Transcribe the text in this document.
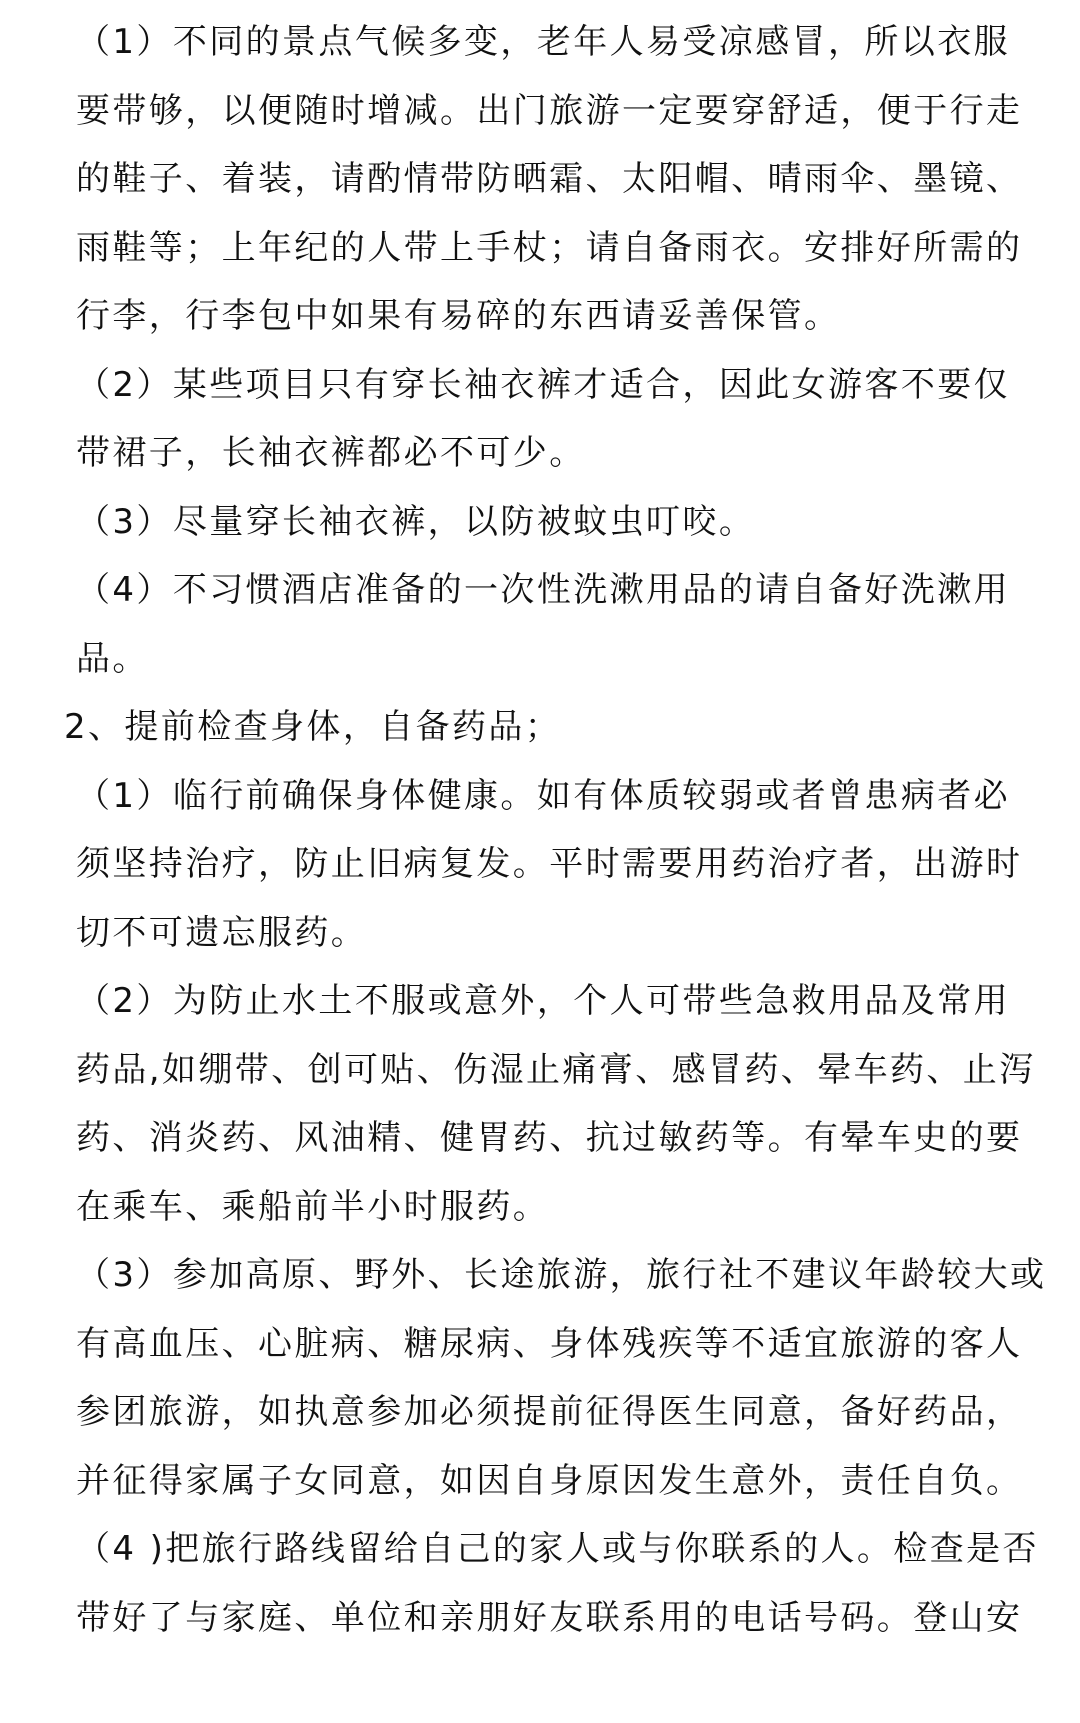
（1）不同的景点气候多变，老年人易受凉感冒，所以衣服
要带够，以便随时增减。出门旅游一定要穿舒适，便于行走
的鞋子、着装，请酌情带防晒霜、太阳帽、晴雨伞、墨镜、
雨鞋等；上年纪的人带上手杖；请自备雨衣。安排好所需的
行李，行李包中如果有易碎的东西请妥善保管。
（2）某些项目只有穿长袖衣裤才适合，因此女游客不要仅
带裙子，长袖衣裤都必不可少。
（3）尽量穿长袖衣裤，以防被蚊虫叮咬。
（4）不习惯酒店准备的一次性洗漱用品的请自备好洗漱用
品。
2、提前检查身体，自备药品；
（1）临行前确保身体健康。如有体质较弱或者曾患病者必
须坚持治疗，防止旧病复发。平时需要用药治疗者，出游时
切不可遗忘服药。
（2）为防止水土不服或意外，个人可带些急救用品及常用
药品,如绷带、创可贴、伤湿止痛膏、感冒药、晕车药、止泻
药、消炎药、风油精、健胃药、抗过敏药等。有晕车史的要
在乘车、乘船前半小时服药。
（3）参加高原、野外、长途旅游，旅行社不建议年龄较大或
有高血压、心脏病、糖尿病、身体残疾等不适宜旅游的客人
参团旅游，如执意参加必须提前征得医生同意，备好药品，
并征得家属子女同意，如因自身原因发生意外，责任自负。
（4 )把旅行路线留给自己的家人或与你联系的人。检查是否
带好了与家庭、单位和亲朋好友联系用的电话号码。登山安
